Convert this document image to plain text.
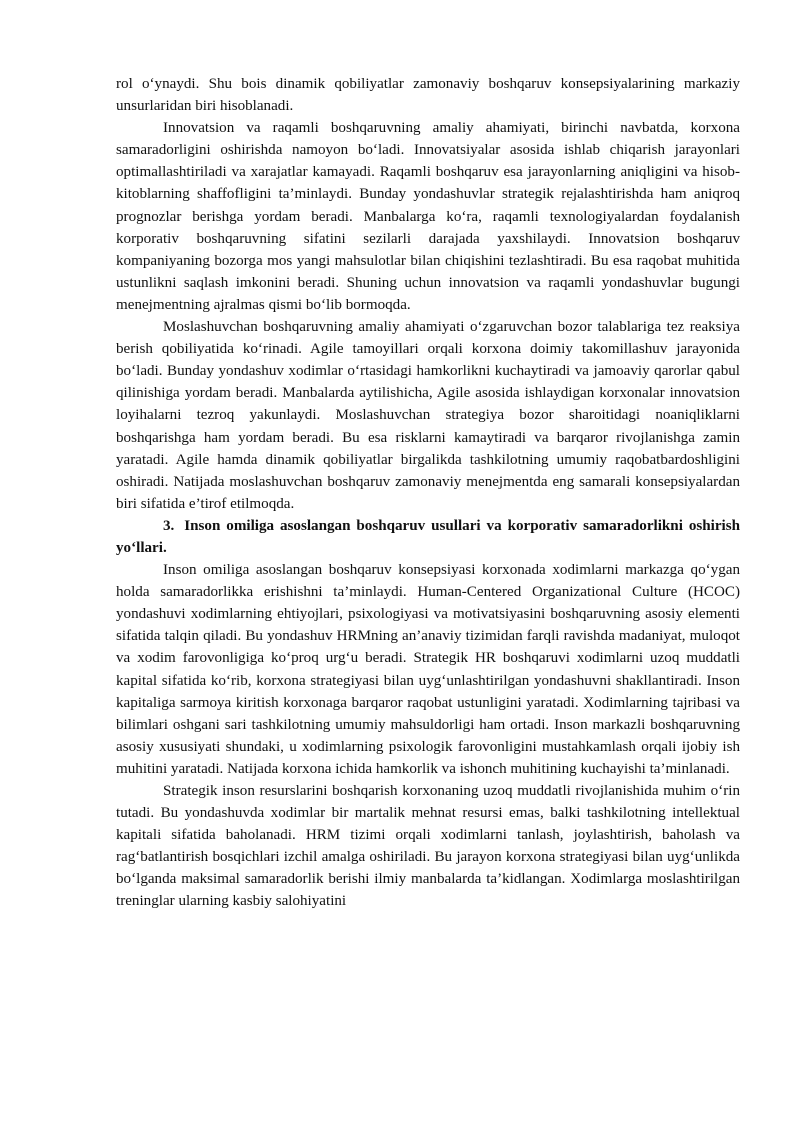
rol o‘ynaydi. Shu bois dinamik qobiliyatlar zamonaviy boshqaruv konsepsiyalarining markaziy unsurlaridan biri hisoblanadi.

Innovatsion va raqamli boshqaruvning amaliy ahamiyati, birinchi navbatda, korxona samaradorligini oshirishda namoyon bo‘ladi. Innovatsiyalar asosida ishlab chiqarish jarayonlari optimallashtiriladi va xarajatlar kamayadi. Raqamli boshqaruv esa jarayonlarning aniqligini va hisob-kitoblarning shaffofligini ta’minlaydi. Bunday yondashuvlar strategik rejalashtirishda ham aniqroq prognozlar berishga yordam beradi. Manbalarga ko‘ra, raqamli texnologiyalardan foydalanish korporativ boshqaruvning sifatini sezilarli darajada yaxshilaydi. Innovatsion boshqaruv kompaniyaning bozorga mos yangi mahsulotlar bilan chiqishini tezlashtiradi. Bu esa raqobat muhitida ustunlikni saqlash imkonini beradi. Shuning uchun innovatsion va raqamli yondashuvlar bugungi menejmentning ajralmas qismi bo‘lib bormoqda.

Moslashuvchan boshqaruvning amaliy ahamiyati o‘zgaruvchan bozor talablariga tez reaksiya berish qobiliyatida ko‘rinadi. Agile tamoyillari orqali korxona doimiy takomillashuv jarayonida bo‘ladi. Bunday yondashuv xodimlar o‘rtasidagi hamkorlikni kuchaytiradi va jamoaviy qarorlar qabul qilinishiga yordam beradi. Manbalarda aytilishicha, Agile asosida ishlaydigan korxonalar innovatsion loyihalarni tezroq yakunlaydi. Moslashuvchan strategiya bozor sharoitidagi noaniqliklarni boshqarishga ham yordam beradi. Bu esa risklarni kamaytiradi va barqaror rivojlanishga zamin yaratadi. Agile hamda dinamik qobiliyatlar birgalikda tashkilotning umumiy raqobatbardoshligini oshiradi. Natijada moslashuvchan boshqaruv zamonaviy menejmentda eng samarali konsepsiyalardan biri sifatida e’tirof etilmoqda.

3. Inson omiliga asoslangan boshqaruv usullari va korporativ samaradorlikni oshirish yo‘llari.

Inson omiliga asoslangan boshqaruv konsepsiyasi korxonada xodimlarni markazga qo‘ygan holda samaradorlikka erishishni ta’minlaydi. Human-Centered Organizational Culture (HCOC) yondashuvi xodimlarning ehtiyojlari, psixologiyasi va motivatsiyasini boshqaruvning asosiy elementi sifatida talqin qiladi. Bu yondashuv HRMning an’anaviy tizimidan farqli ravishda madaniyat, muloqot va xodim farovonligiga ko‘proq urg‘u beradi. Strategik HR boshqaruvi xodimlarni uzoq muddatli kapital sifatida ko‘rib, korxona strategiyasi bilan uyg‘unlashtirilgan yondashuvni shakllantiradi. Inson kapitaliga sarmoya kiritish korxonaga barqaror raqobat ustunligini yaratadi. Xodimlarning tajribasi va bilimlari oshgani sari tashkilotning umumiy mahsuldorligi ham ortadi. Inson markazli boshqaruvning asosiy xususiyati shundaki, u xodimlarning psixologik farovonligini mustahkamlash orqali ijobiy ish muhitini yaratadi. Natijada korxona ichida hamkorlik va ishonch muhitining kuchayishi ta’minlanadi.

Strategik inson resurslarini boshqarish korxonaning uzoq muddatli rivojlanishida muhim o‘rin tutadi. Bu yondashuvda xodimlar bir martalik mehnat resursi emas, balki tashkilotning intellektual kapitali sifatida baholanadi. HRM tizimi orqali xodimlarni tanlash, joylashtirish, baholash va rag‘batlantirish bosqichlari izchil amalga oshiriladi. Bu jarayon korxona strategiyasi bilan uyg‘unlikda bo‘lganda maksimal samaradorlik berishi ilmiy manbalarda ta’kidlangan. Xodimlarga moslashtirilgan treninglar ularning kasbiy salohiyatini
